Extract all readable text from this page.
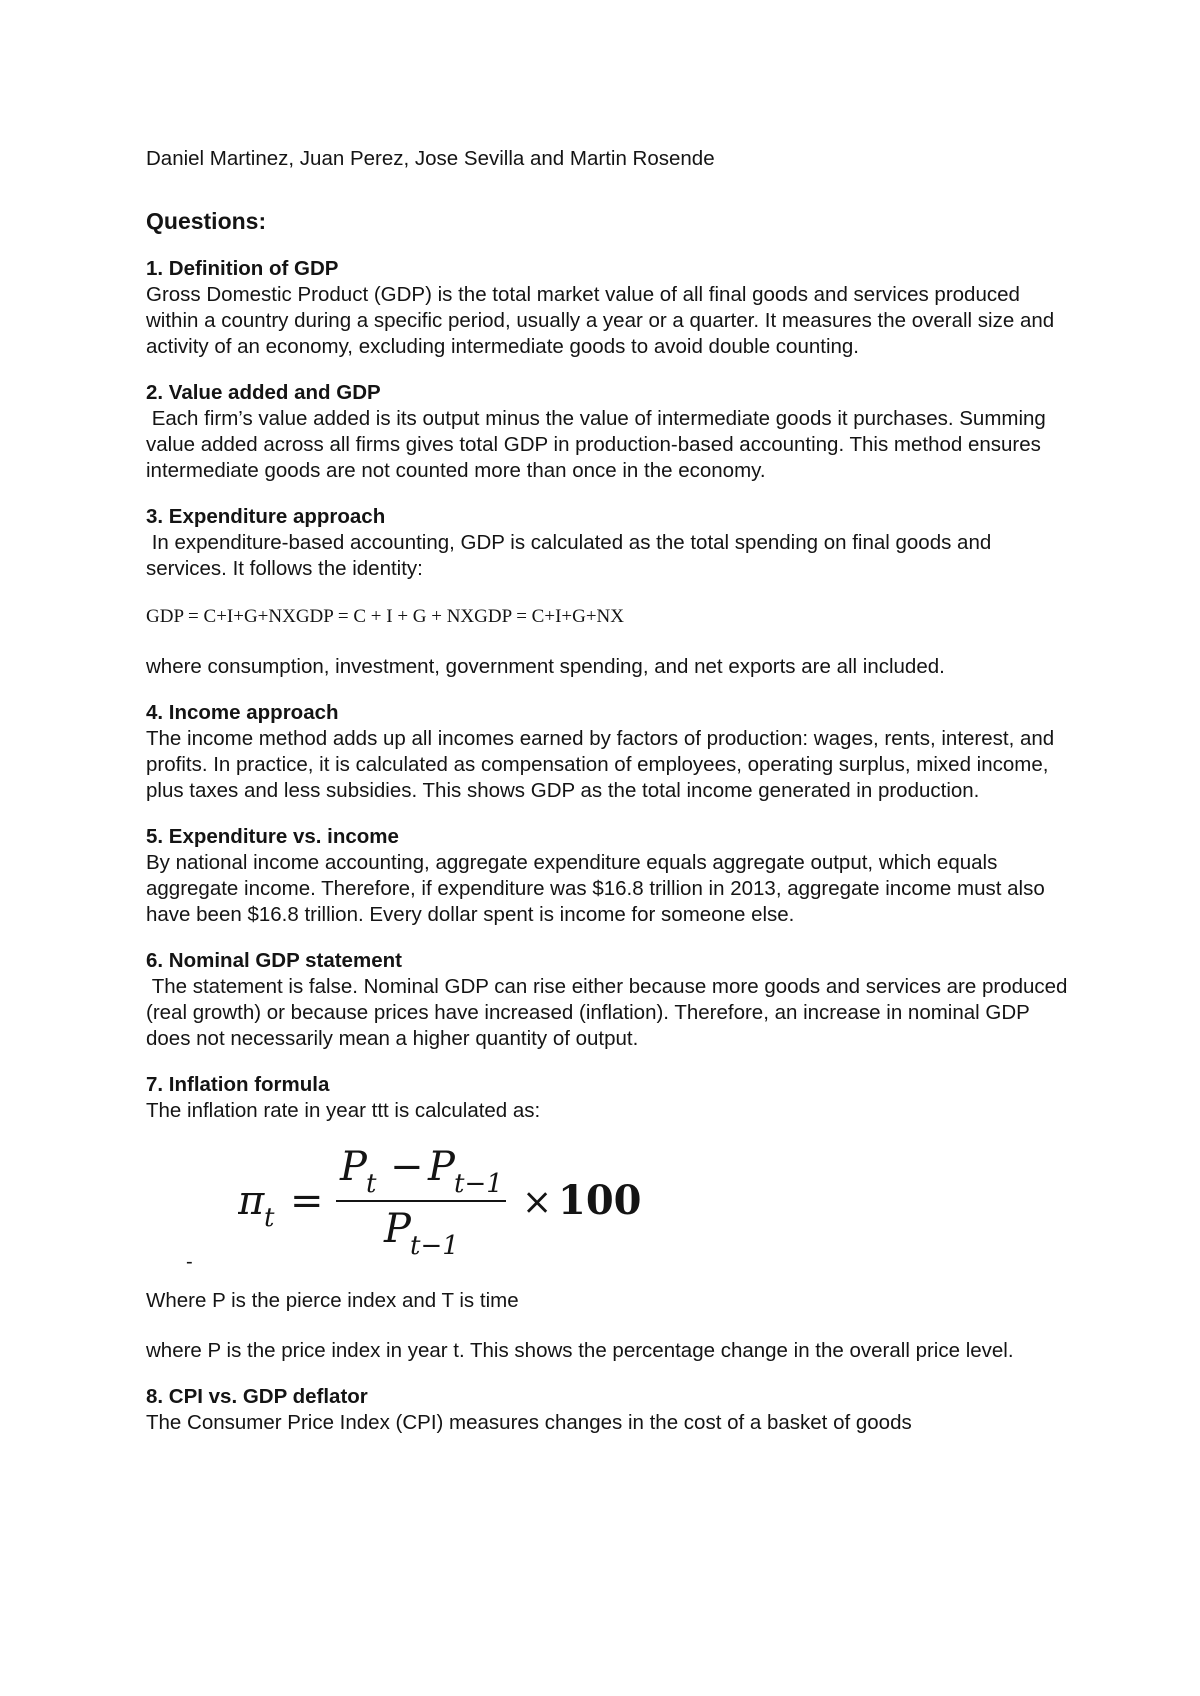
Daniel Martinez, Juan Perez, Jose Sevilla and Martin Rosende

Questions:

1. Definition of GDP

Gross Domestic Product (GDP) is the total market value of all final goods and services produced within a country during a specific period, usually a year or a quarter. It measures the overall size and activity of an economy, excluding intermediate goods to avoid double counting.

2. Value added and GDP

Each firm’s value added is its output minus the value of intermediate goods it purchases. Summing value added across all firms gives total GDP in production-based accounting. This method ensures intermediate goods are not counted more than once in the economy.

3. Expenditure approach

In expenditure-based accounting, GDP is calculated as the total spending on final goods and services. It follows the identity:

GDP = C+I+G+NXGDP = C + I + G + NXGDP = C+I+G+NX

where consumption, investment, government spending, and net exports are all included.

4. Income approach

The income method adds up all incomes earned by factors of production: wages, rents, interest, and profits. In practice, it is calculated as compensation of employees, operating surplus, mixed income, plus taxes and less subsidies. This shows GDP as the total income generated in production.

5. Expenditure vs. income

By national income accounting, aggregate expenditure equals aggregate output, which equals aggregate income. Therefore, if expenditure was $16.8 trillion in 2013, aggregate income must also have been $16.8 trillion. Every dollar spent is income for someone else.

6. Nominal GDP statement

The statement is false. Nominal GDP can rise either because more goods and services are produced (real growth) or because prices have increased (inflation). Therefore, an increase in nominal GDP does not necessarily mean a higher quantity of output.

7. Inflation formula

The inflation rate in year ttt is calculated as:

π t =
P t − P t−1
P t−1
× 100
-

Where P is the pierce index and T is time

where P is the price index in year t. This shows the percentage change in the overall price level.

8. CPI vs. GDP deflator

The Consumer Price Index (CPI) measures changes in the cost of a basket of goods
